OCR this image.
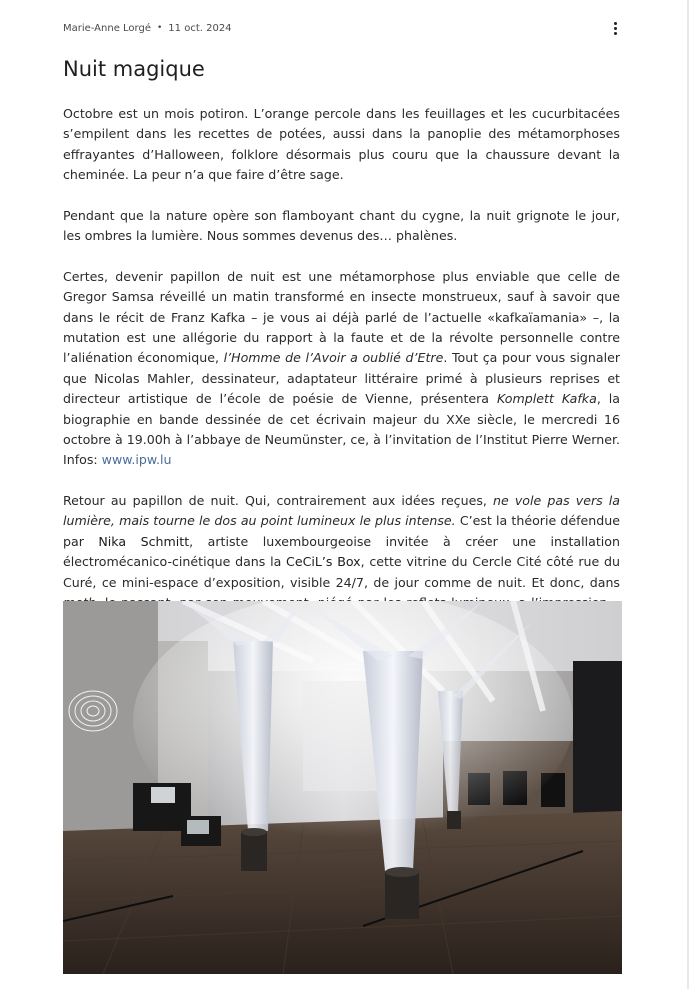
Marie-Anne Lorgé • 11 oct. 2024
Nuit magique

Octobre est un mois potiron. L’orange percole dans les feuillages et les cucurbitacées s’empilent dans les recettes de potées, aussi dans la panoplie des métamorphoses effrayantes d’Halloween, folklore désormais plus couru que la chaussure devant la cheminée. La peur n’a que faire d’être sage.

Pendant que la nature opère son flamboyant chant du cygne, la nuit grignote le jour, les ombres la lumière. Nous sommes devenus des… phalènes.

Certes, devenir papillon de nuit est une métamorphose plus enviable que celle de Gregor Samsa réveillé un matin transformé en insecte monstrueux, sauf à savoir que dans le récit de Franz Kafka – je vous ai déjà parlé de l’actuelle «kafkaïamania» –, la mutation est une allégorie du rapport à la faute et de la révolte personnelle contre l’aliénation économique, l’Homme de l’Avoir a oublié d’Etre. Tout ça pour vous signaler que Nicolas Mahler, dessinateur, adaptateur littéraire primé à plusieurs reprises et directeur artistique de l’école de poésie de Vienne, présentera Komplett Kafka, la biographie en bande dessinée de cet écrivain majeur du XXe siècle, le mercredi 16 octobre à 19.00h à l’abbaye de Neumünster, ce, à l’invitation de l’Institut Pierre Werner. Infos: www.ipw.lu

Retour au papillon de nuit. Qui, contrairement aux idées reçues, ne vole pas vers la lumière, mais tourne le dos au point lumineux le plus intense. C’est la théorie défendue par Nika Schmitt, artiste luxembourgeoise invitée à créer une installation électromécanico-cinétique dans la CeCiL’s Box, cette vitrine du Cercle Cité côté rue du Curé, ce mini-espace d’exposition, visible 24/7, de jour comme de nuit. Et donc, dans
